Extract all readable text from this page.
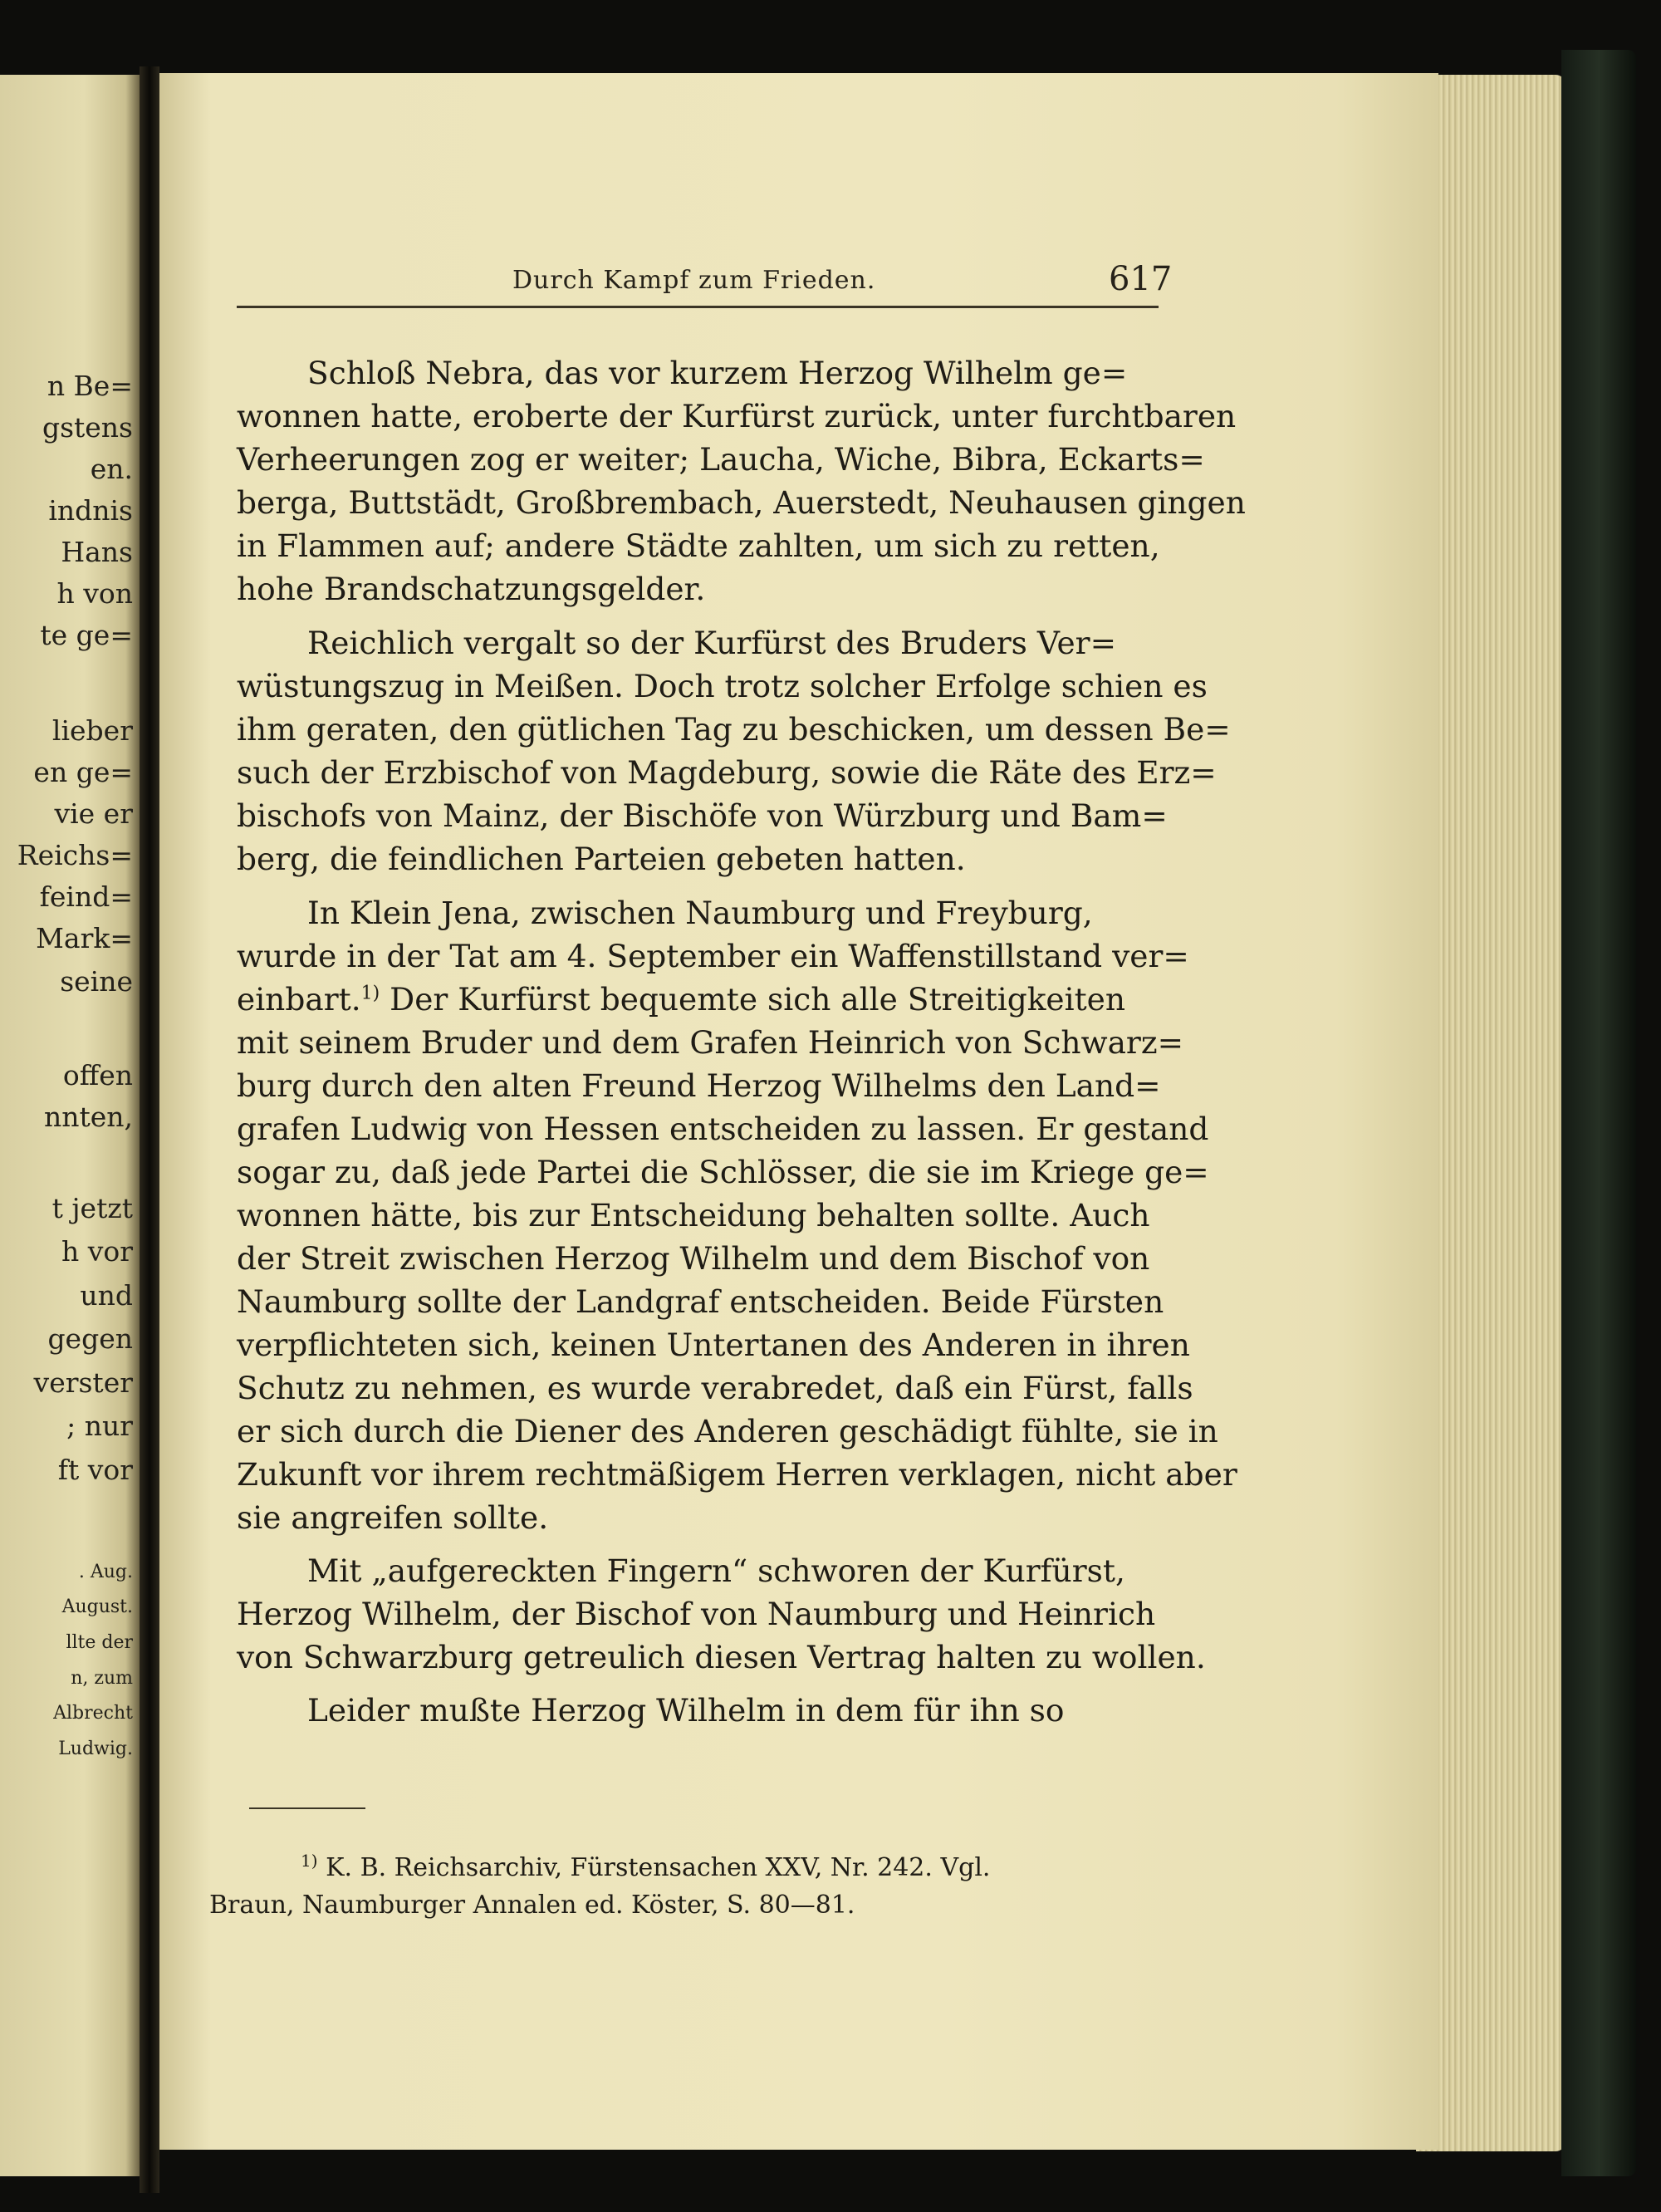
n Be=
gstens
en.
indnis
Hans
h von
te ge=
lieber
en ge=
vie er
Reichs=
feind=
Mark=
seine
offen
nnten,
t jetzt
h vor
und
gegen
verster
; nur
ft vor
. Aug.
August.
llte der
n, zum
Albrecht
Ludwig.
Durch Kampf zum Frieden.	617
Schloß Nebra, das vor kurzem Herzog Wilhelm ge=
wonnen hatte, eroberte der Kurfürst zurück, unter furchtbaren
Verheerungen zog er weiter; Laucha, Wiche, Bibra, Eckarts=
berga, Buttstädt, Großbrembach, Auerstedt, Neuhausen gingen
in Flammen auf; andere Städte zahlten, um sich zu retten,
hohe Brandschatzungsgelder.
Reichlich vergalt so der Kurfürst des Bruders Ver=
wüstungszug in Meißen. Doch trotz solcher Erfolge schien es
ihm geraten, den gütlichen Tag zu beschicken, um dessen Be=
such der Erzbischof von Magdeburg, sowie die Räte des Erz=
bischofs von Mainz, der Bischöfe von Würzburg und Bam=
berg, die feindlichen Parteien gebeten hatten.
In Klein Jena, zwischen Naumburg und Freyburg,
wurde in der Tat am 4. September ein Waffenstillstand ver=
einbart.$^{1)}$ Der Kurfürst bequemte sich alle Streitigkeiten
mit seinem Bruder und dem Grafen Heinrich von Schwarz=
burg durch den alten Freund Herzog Wilhelms den Land=
grafen Ludwig von Hessen entscheiden zu lassen. Er gestand
sogar zu, daß jede Partei die Schlösser, die sie im Kriege ge=
wonnen hätte, bis zur Entscheidung behalten sollte. Auch
der Streit zwischen Herzog Wilhelm und dem Bischof von
Naumburg sollte der Landgraf entscheiden. Beide Fürsten
verpflichteten sich, keinen Untertanen des Anderen in ihren
Schutz zu nehmen, es wurde verabredet, daß ein Fürst, falls
er sich durch die Diener des Anderen geschädigt fühlte, sie in
Zukunft vor ihrem rechtmäßigem Herren verklagen, nicht aber
sie angreifen sollte.
Mit „aufgereckten Fingern“ schworen der Kurfürst,
Herzog Wilhelm, der Bischof von Naumburg und Heinrich
von Schwarzburg getreulich diesen Vertrag halten zu wollen.
Leider mußte Herzog Wilhelm in dem für ihn so
$^{1)}$ K. B. Reichsarchiv, Fürstensachen XXV, Nr. 242. Vgl.
Braun, Naumburger Annalen ed. Köster, S. 80—81.
